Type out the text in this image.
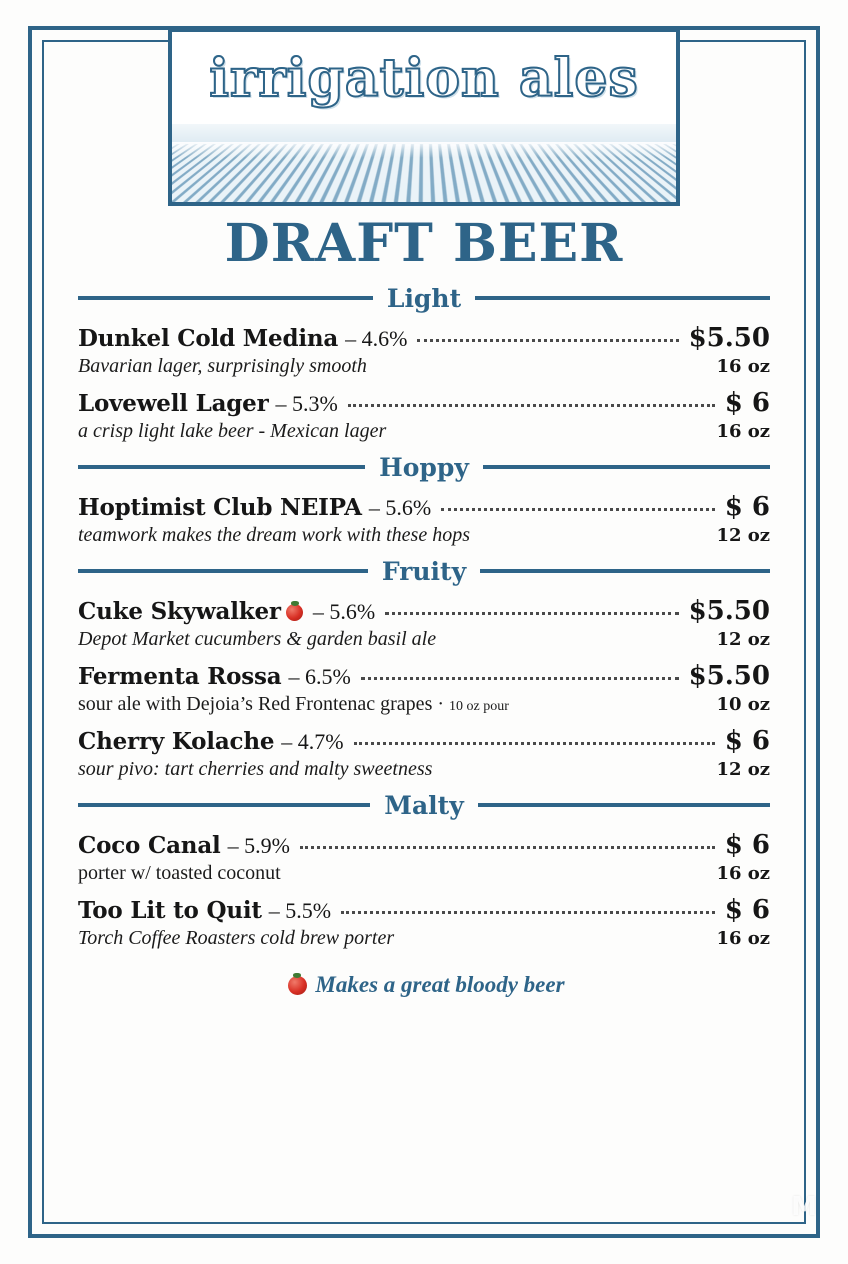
irrigation ales
DRAFT BEER
Light
Dunkel Cold Medina – 4.6%	$5.50
Bavarian lager, surprisingly smooth	16 oz
Lovewell Lager – 5.3%	$ 6
a crisp light lake beer - Mexican lager	16 oz
Hoppy
Hoptimist Club NEIPA – 5.6%	$ 6
teamwork makes the dream work with these hops	12 oz
Fruity
Cuke Skywalker – 5.6%	$5.50
Depot Market cucumbers & garden basil ale	12 oz
Fermenta Rossa – 6.5%	$5.50
sour ale with Dejoia’s Red Frontenac grapes · 10 oz pour	10 oz
Cherry Kolache – 4.7%	$ 6
sour pivo: tart cherries and malty sweetness	12 oz
Malty
Coco Canal – 5.9%	$ 6
porter w/ toasted coconut	16 oz
Too Lit to Quit – 5.5%	$ 6
Torch Coffee Roasters cold brew porter	16 oz
Makes a great bloody beer
M
